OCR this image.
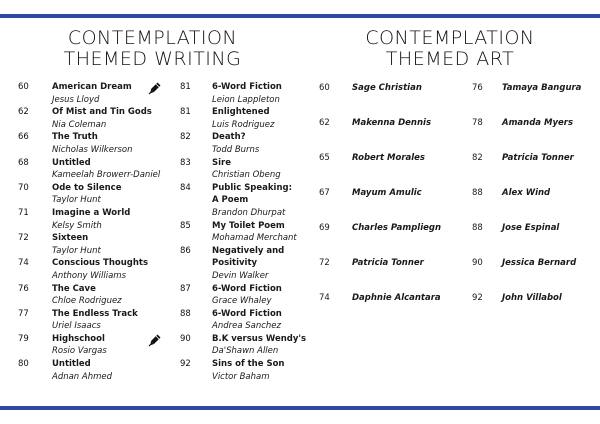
CONTEMPLATION
THEMED WRITING
CONTEMPLATION
THEMED ART
60	American Dream
Jesus Lloyd
62	Of Mist and Tin Gods
Nia Coleman
66	The Truth
Nicholas Wilkerson
68	Untitled
Kameelah Browerr-Daniel
70	Ode to Silence
Taylor Hunt
71	Imagine a World
Kelsy Smith
72	Sixteen
Taylor Hunt
74	Conscious Thoughts
Anthony Williams
76	The Cave
Chloe Rodriguez
77	The Endless Track
Uriel Isaacs
79	Highschool
Rosio Vargas
80	Untitled
Adnan Ahmed
81 6-Word Fiction
Leion Lappleton
81 Enlightened
Luis Rodriguez
82 Death?
Todd Burns
83 Sire
Christian Obeng
84 Public Speaking:
A Poem
Brandon Dhurpat
85 My Toilet Poem
Mohamad Merchant
86 Negatively and
Positivity
Devin Walker
87 6-Word Fiction
Grace Whaley
88 6-Word Fiction
Andrea Sanchez
90 B.K versus Wendy's
Da'Shawn Allen
92 Sins of the Son
Victor Baham
60	Sage Christian
62	Makenna Dennis
65	Robert Morales
67	Mayum Amulic
69	Charles Pampliegn
72	Patricia Tonner
74	Daphnie Alcantara
76 Tamaya Bangura
78 Amanda Myers
82 Patricia Tonner
88 Alex Wind
88 Jose Espinal
90 Jessica Bernard
92 John Villabol
